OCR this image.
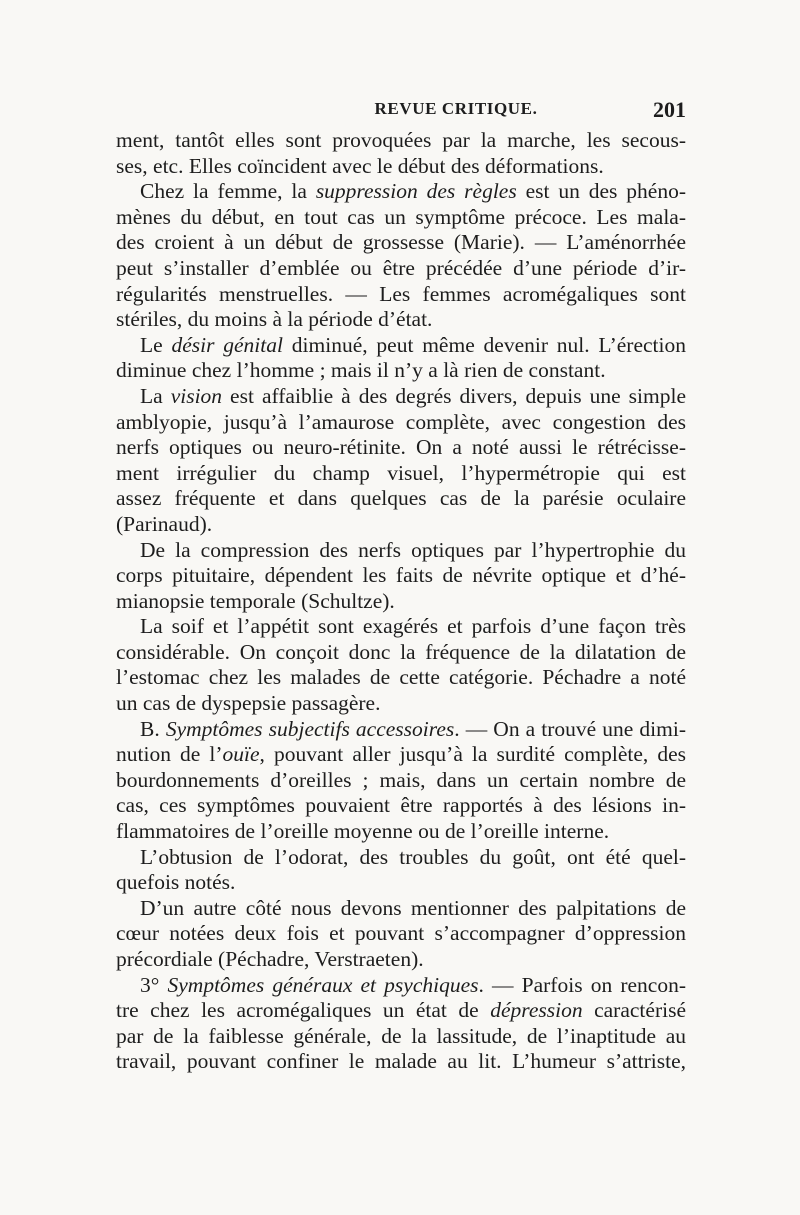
REVUE CRITIQUE.	201
ment, tantôt elles sont provoquées par la marche, les secous-
ses, etc. Elles coïncident avec le début des déformations.
Chez la femme, la suppression des règles est un des phéno-
mènes du début, en tout cas un symptôme précoce. Les mala-
des croient à un début de grossesse (Marie). — L’aménorrhée
peut s’installer d’emblée ou être précédée d’une période d’ir-
régularités menstruelles. — Les femmes acromégaliques sont
stériles, du moins à la période d’état.
Le désir génital diminué, peut même devenir nul. L’érection
diminue chez l’homme ; mais il n’y a là rien de constant.
La vision est affaiblie à des degrés divers, depuis une simple
amblyopie, jusqu’à l’amaurose complète, avec congestion des
nerfs optiques ou neuro-rétinite. On a noté aussi le rétrécisse-
ment irrégulier du champ visuel, l’hypermétropie qui est
assez fréquente et dans quelques cas de la parésie oculaire
(Parinaud).
De la compression des nerfs optiques par l’hypertrophie du
corps pituitaire, dépendent les faits de névrite optique et d’hé-
mianopsie temporale (Schultze).
La soif et l’appétit sont exagérés et parfois d’une façon très
considérable. On conçoit donc la fréquence de la dilatation de
l’estomac chez les malades de cette catégorie. Péchadre a noté
un cas de dyspepsie passagère.
B. Symptômes subjectifs accessoires. — On a trouvé une dimi-
nution de l’ouïe, pouvant aller jusqu’à la surdité complète, des
bourdonnements d’oreilles ; mais, dans un certain nombre de
cas, ces symptômes pouvaient être rapportés à des lésions in-
flammatoires de l’oreille moyenne ou de l’oreille interne.
L’obtusion de l’odorat, des troubles du goût, ont été quel-
quefois notés.
D’un autre côté nous devons mentionner des palpitations de
cœur notées deux fois et pouvant s’accompagner d’oppression
précordiale (Péchadre, Verstraeten).
3° Symptômes généraux et psychiques. — Parfois on rencon-
tre chez les acromégaliques un état de dépression caractérisé
par de la faiblesse générale, de la lassitude, de l’inaptitude au
travail, pouvant confiner le malade au lit. L’humeur s’attriste,
